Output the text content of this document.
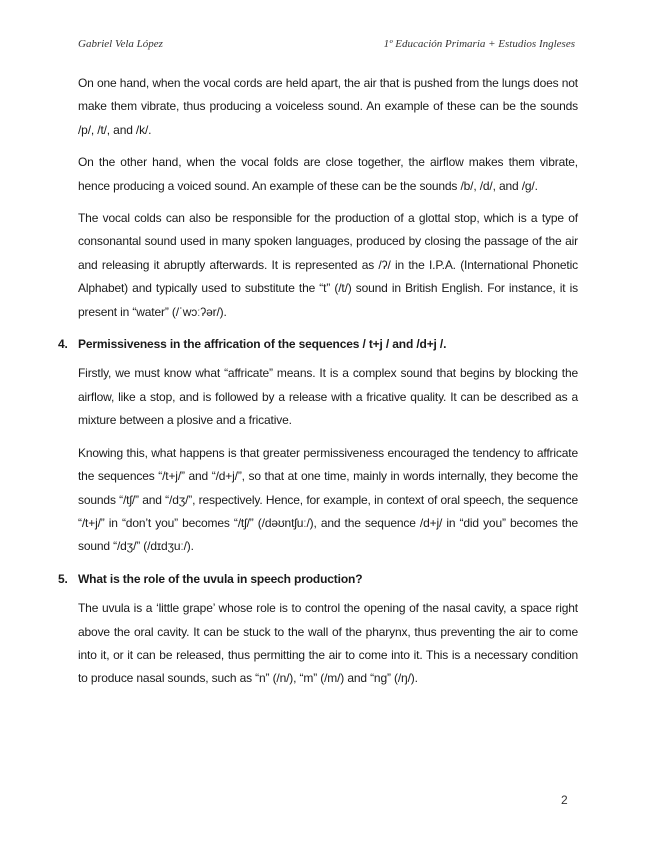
Gabriel Vela López	1º Educación Primaria + Estudios Ingleses

On one hand, when the vocal cords are held apart, the air that is pushed from the lungs does not make them vibrate, thus producing a voiceless sound. An example of these can be the sounds /p/, /t/, and /k/.

On the other hand, when the vocal folds are close together, the airflow makes them vibrate, hence producing a voiced sound. An example of these can be the sounds /b/, /d/, and /g/.

The vocal colds can also be responsible for the production of a glottal stop, which is a type of consonantal sound used in many spoken languages, produced by closing the passage of the air and releasing it abruptly afterwards. It is represented as /ʔ/ in the I.P.A. (International Phonetic Alphabet) and typically used to substitute the “t” (/t/) sound in British English. For instance, it is present in “water” (/ˈwɔːʔər/).

4. Permissiveness in the affrication of the sequences / t+j / and /d+j /.

Firstly, we must know what “affricate” means. It is a complex sound that begins by blocking the airflow, like a stop, and is followed by a release with a fricative quality. It can be described as a mixture between a plosive and a fricative.

Knowing this, what happens is that greater permissiveness encouraged the tendency to affricate the sequences “/t+j/” and “/d+j/”, so that at one time, mainly in words internally, they become the sounds “/tʃ/” and “/dʒ/”, respectively. Hence, for example, in context of oral speech, the sequence “/t+j/” in “don’t you” becomes “/tʃ/” (/dəʊntʃuː/), and the sequence /d+j/ in “did you” becomes the sound “/dʒ/” (/dɪdʒuː/).

5. What is the role of the uvula in speech production?

The uvula is a ‘little grape’ whose role is to control the opening of the nasal cavity, a space right above the oral cavity. It can be stuck to the wall of the pharynx, thus preventing the air to come into it, or it can be released, thus permitting the air to come into it. This is a necessary condition to produce nasal sounds, such as “n” (/n/), “m” (/m/) and “ng” (/ŋ/).

2
